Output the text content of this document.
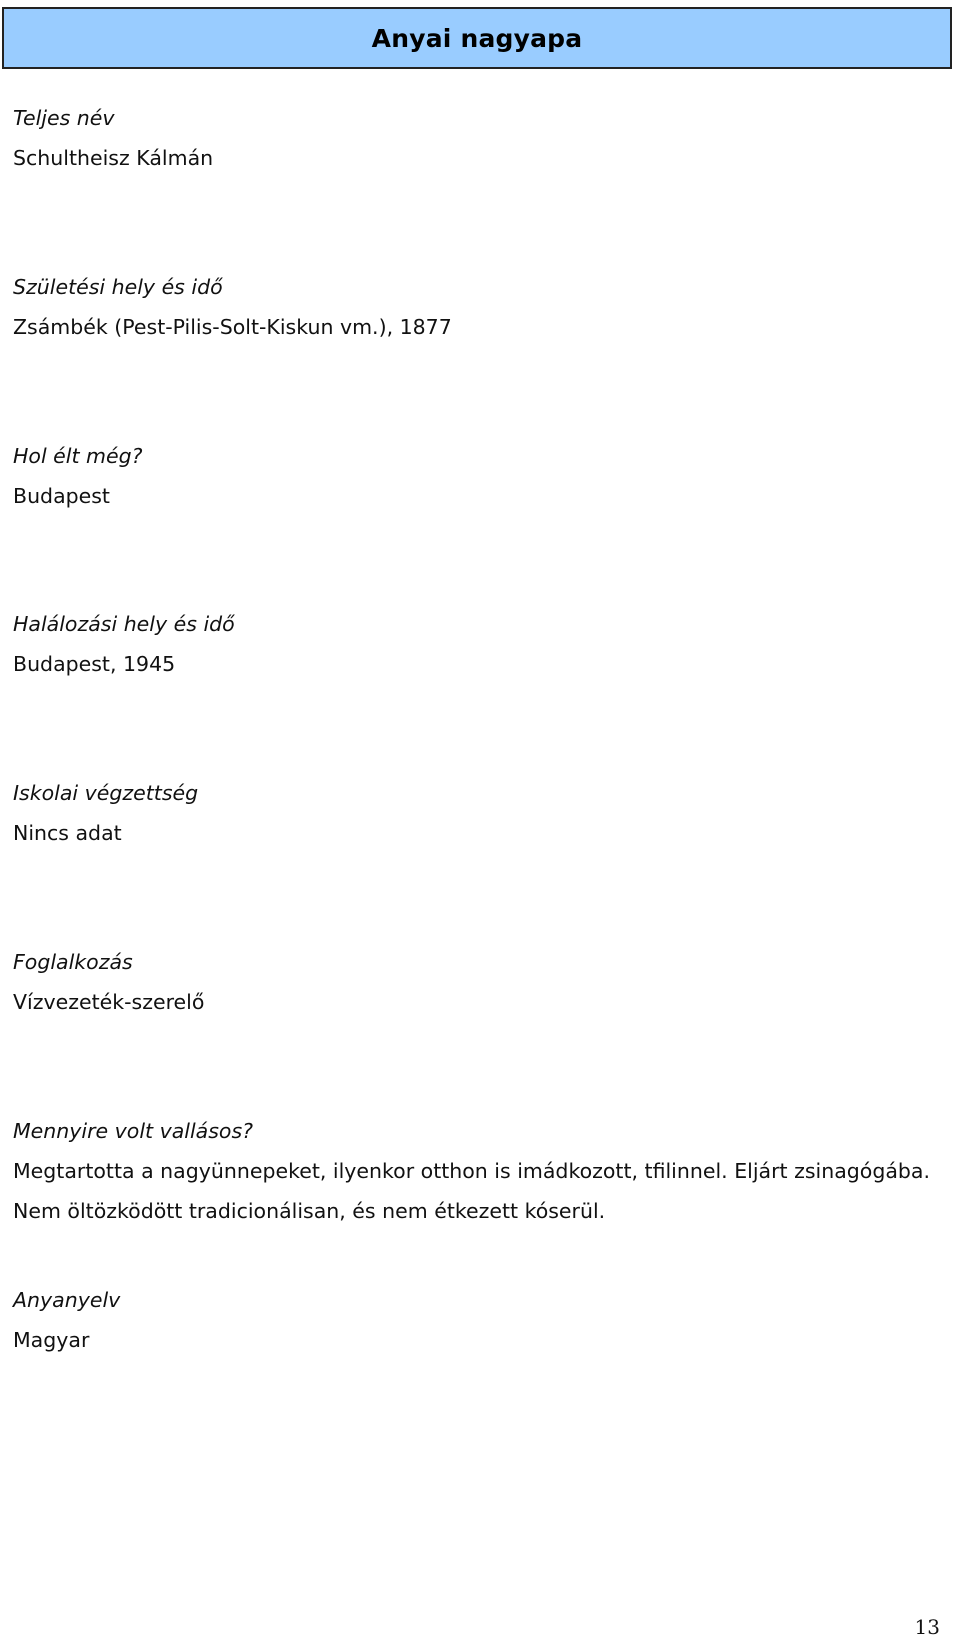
Anyai nagyapa
Teljes név
Schultheisz Kálmán
Születési hely és idő
Zsámbék (Pest-Pilis-Solt-Kiskun vm.), 1877
Hol élt még?
Budapest
Halálozási hely és idő
Budapest, 1945
Iskolai végzettség
Nincs adat
Foglalkozás
Vízvezeték-szerelő
Mennyire volt vallásos?
Megtartotta a nagyünnepeket, ilyenkor otthon is imádkozott, tfilinnel. Eljárt zsinagógába. Nem öltözködött tradicionálisan, és nem étkezett kóserül.
Anyanyelv
Magyar
13
